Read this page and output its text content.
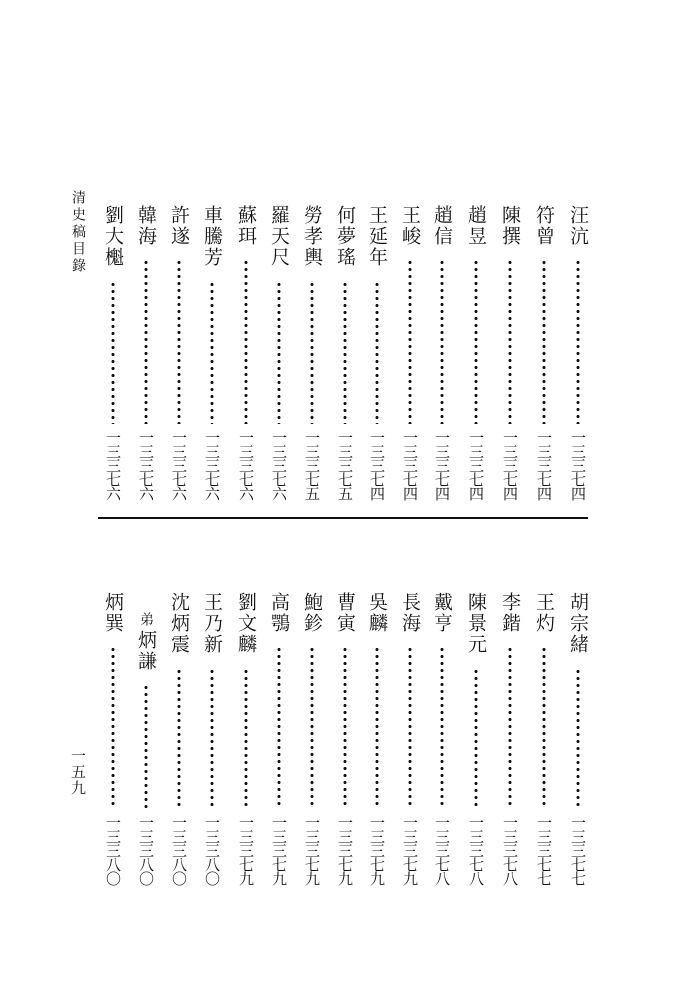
清史稿目錄
一五九
汪沆
一三三七四
符曾
一三三七四
陳撰
一三三七四
趙昱
一三三七四
趙信
一三三七四
王峻
一三三七四
王延年
一三三七四
何夢瑤
一三三七五
勞孝輿
一三三七五
羅天尺
一三三七六
蘇珥
一三三七六
車騰芳
一三三七六
許遂
一三三七六
韓海
一三三七六
劉大櫆
一三三七六
胡宗緒
一三三七七
王灼
一三三七七
李鍇
一三三七八
陳景元
一三三七八
戴亨
一三三七八
長海
一三三七九
吳麟
一三三七九
曹寅
一三三七九
鮑鉁
一三三七九
高鶚
一三三七九
劉文麟
一三三七九
王乃新
一三三八〇
沈炳震
一三三八〇
弟
炳謙
一三三八〇
炳巽
一三三八〇
